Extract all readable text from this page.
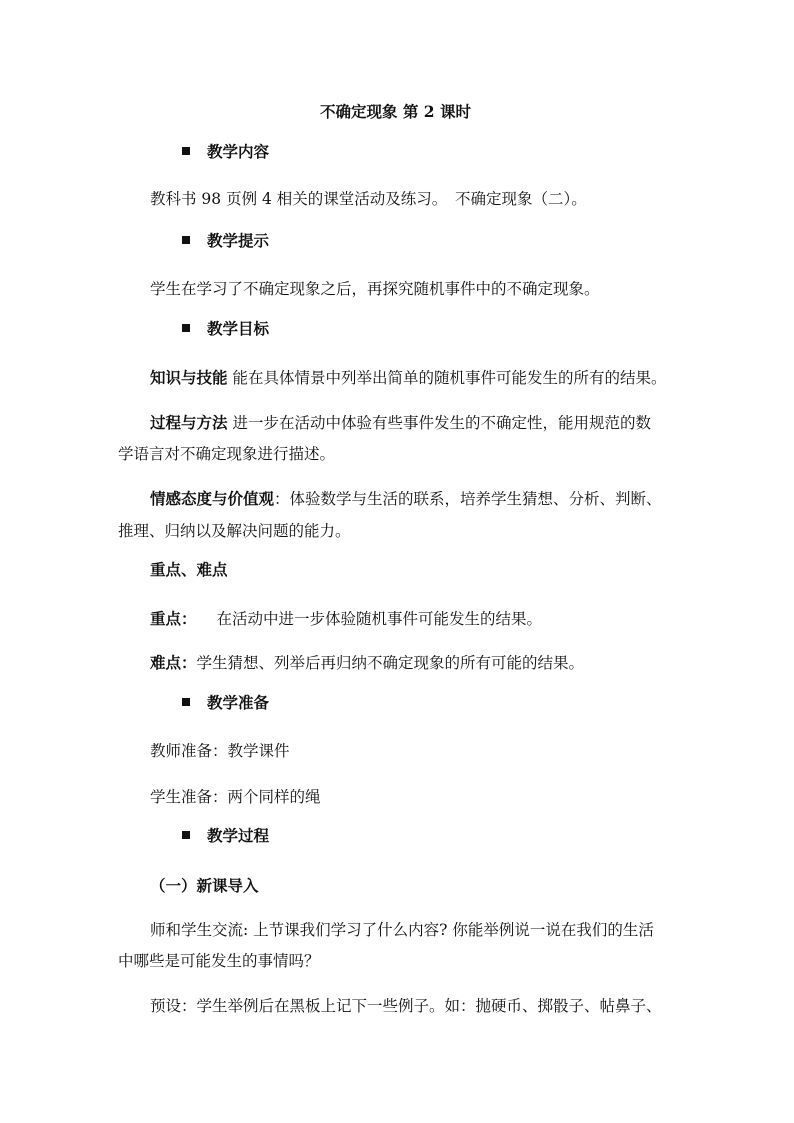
不确定现象 第 2 课时
教学内容
教科书 98 页例 4 相关的课堂活动及练习。　不确定现象（二）。
教学提示
学生在学习了不确定现象之后，再探究随机事件中的不确定现象。
教学目标
知识与技能 能在具体情景中列举出简单的随机事件可能发生的所有的结果。
过程与方法 进一步在活动中体验有些事件发生的不确定性，能用规范的数
学语言对不确定现象进行描述。
情感态度与价值观：体验数学与生活的联系，培养学生猜想、分析、判断、
推理、归纳以及解决问题的能力。
重点、难点
重点： 在活动中进一步体验随机事件可能发生的结果。
难点：学生猜想、列举后再归纳不确定现象的所有可能的结果。
教学准备
教师准备：教学课件
学生准备：两个同样的绳
教学过程
（一）新课导入
师和学生交流: 上节课我们学习了什么内容? 你能举例说一说在我们的生活
中哪些是可能发生的事情吗？
预设：学生举例后在黑板上记下一些例子。如：抛硬币、掷骰子、帖鼻子、
